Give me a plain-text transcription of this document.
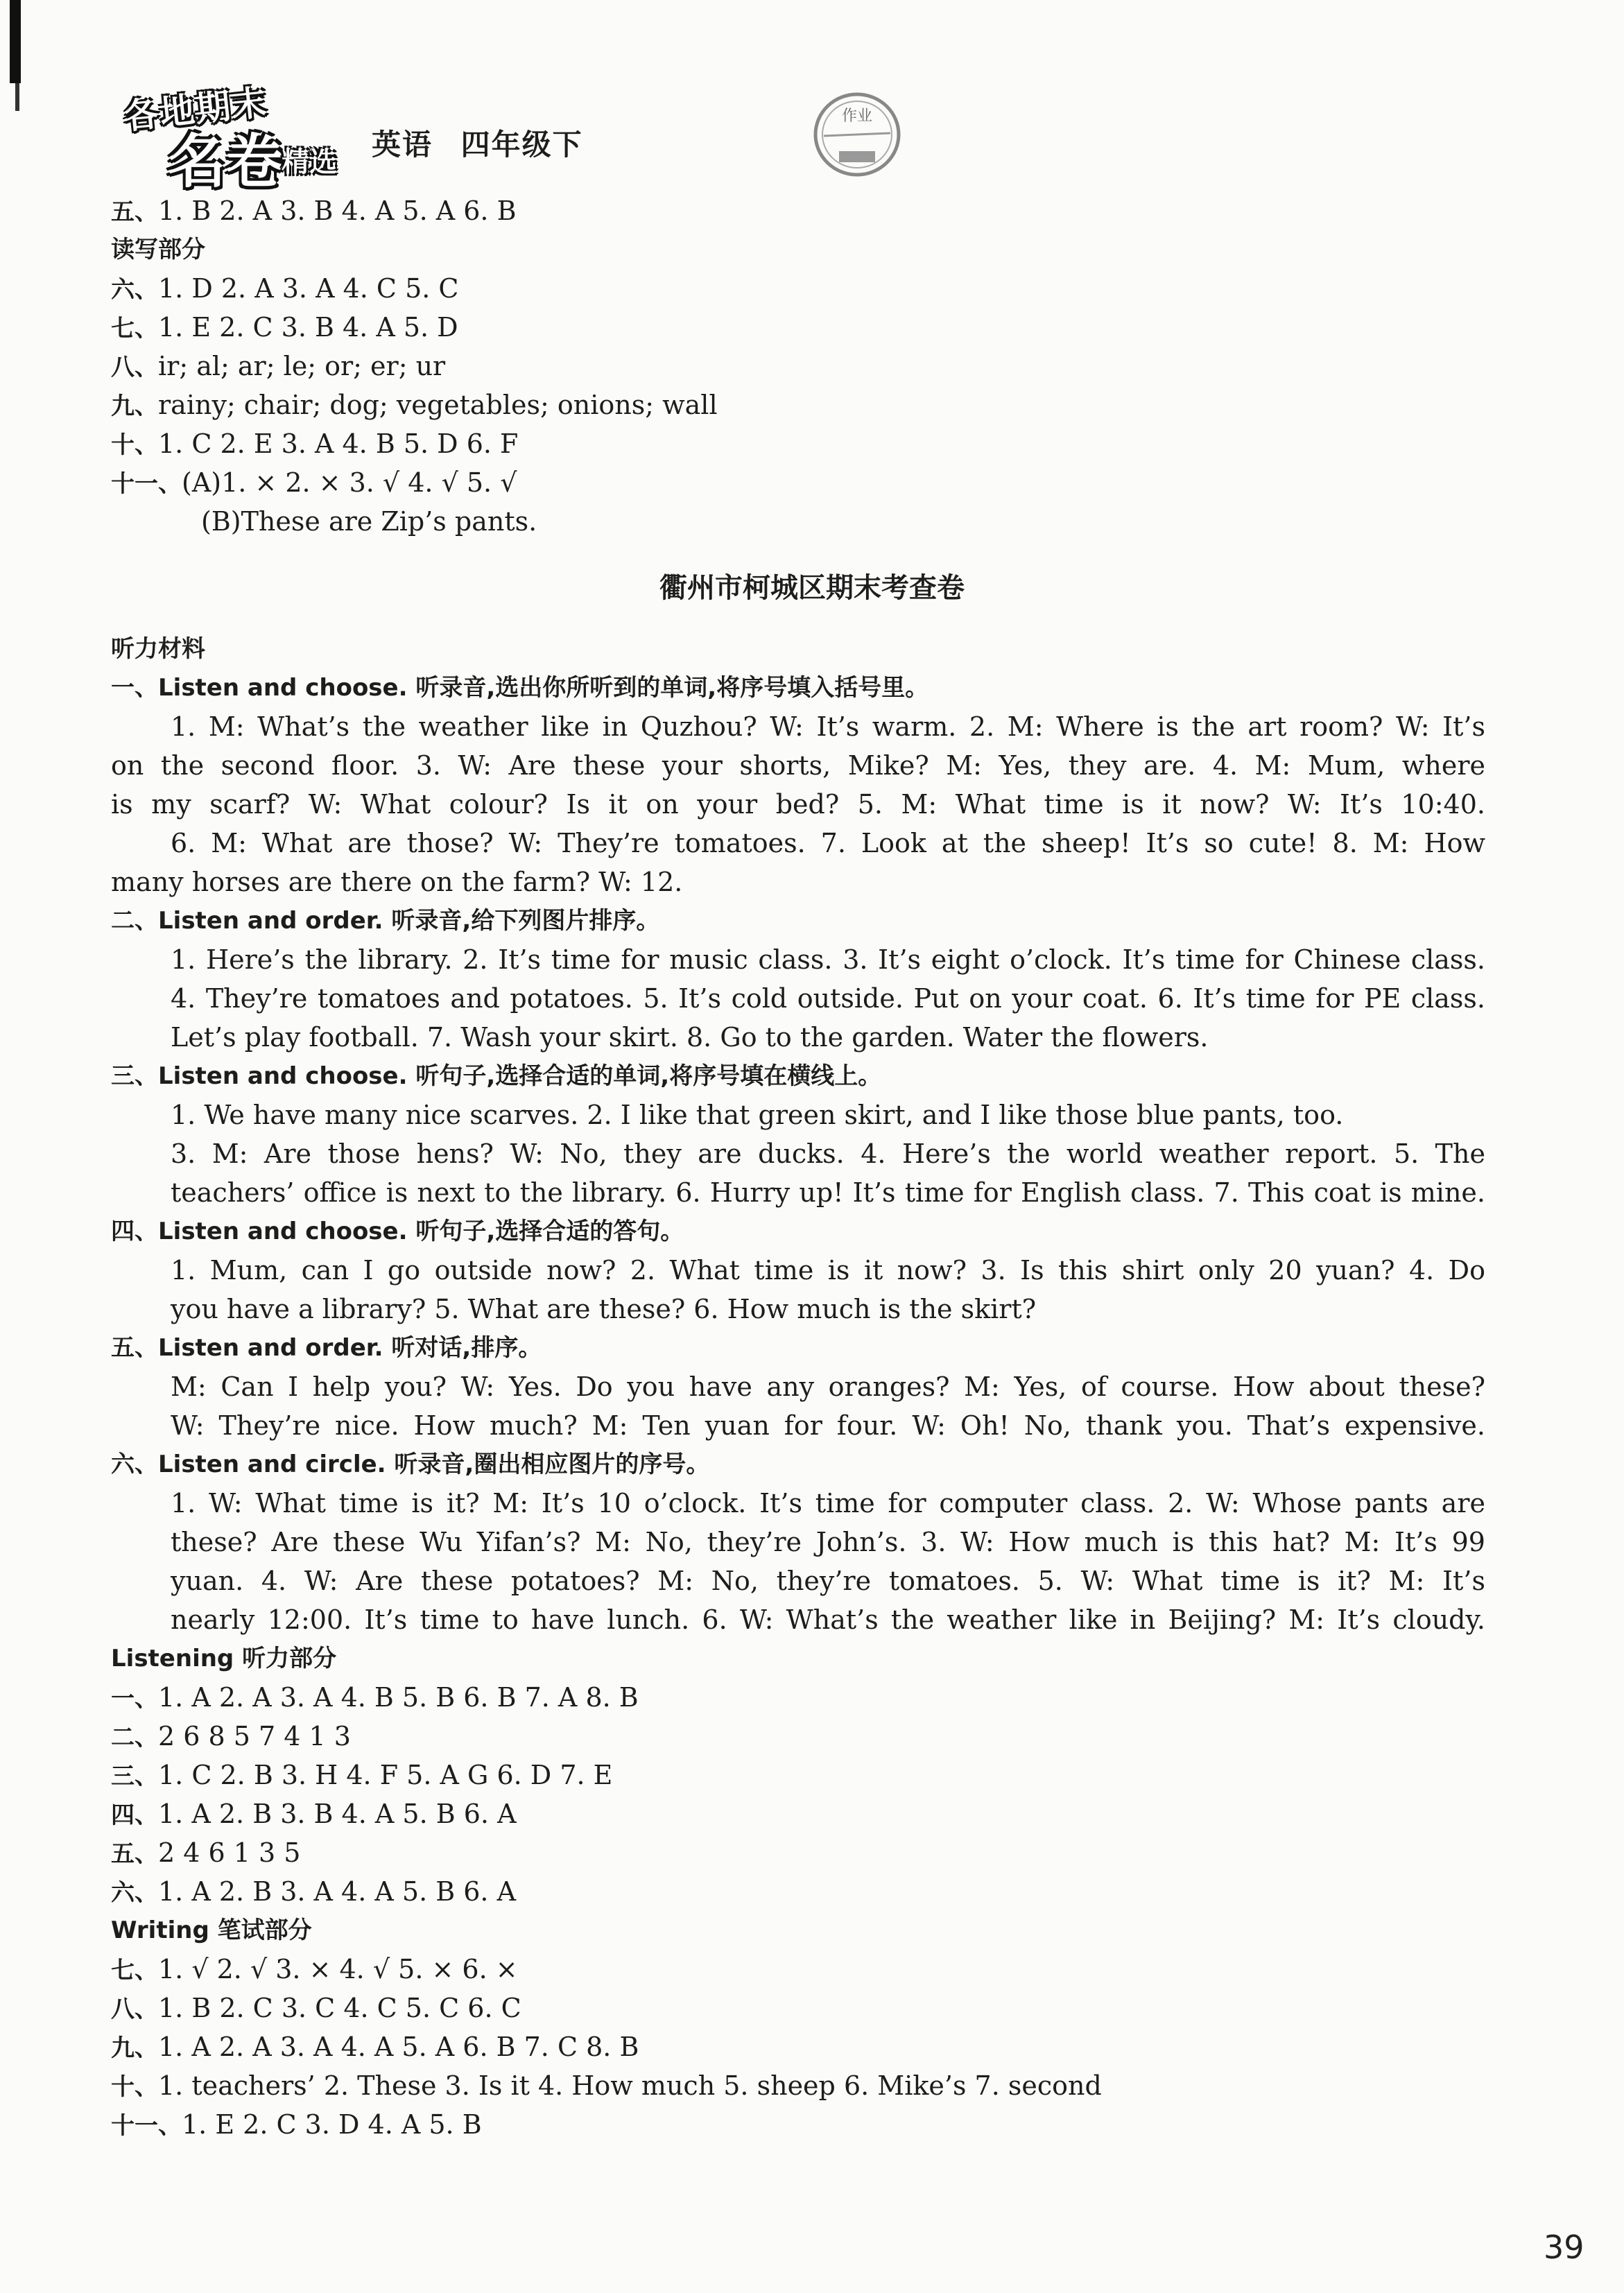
各地期末
名卷
精选
英语 四年级下
作业
五、1. B 2. A 3. B 4. A 5. A 6. B
读写部分
六、1. D 2. A 3. A 4. C 5. C
七、1. E 2. C 3. B 4. A 5. D
八、ir; al; ar; le; or; er; ur
九、rainy; chair; dog; vegetables; onions; wall
十、1. C 2. E 3. A 4. B 5. D 6. F
十一、(A)1. × 2. × 3. √ 4. √ 5. √
(B)These are Zip’s pants.
衢州市柯城区期末考查卷
听力材料
一、Listen and choose. 听录音,选出你所听到的单词,将序号填入括号里。
1. M: What’s the weather like in Quzhou? W: It’s warm. 2. M: Where is the art room? W: It’s
on the second floor. 3. W: Are these your shorts, Mike? M: Yes, they are. 4. M: Mum, where
is my scarf? W: What colour? Is it on your bed? 5. M: What time is it now? W: It’s 10:40.
6. M: What are those? W: They’re tomatoes. 7. Look at the sheep! It’s so cute! 8. M: How
many horses are there on the farm? W: 12.
二、Listen and order. 听录音,给下列图片排序。
1. Here’s the library. 2. It’s time for music class. 3. It’s eight o’clock. It’s time for Chinese class.
4. They’re tomatoes and potatoes. 5. It’s cold outside. Put on your coat. 6. It’s time for PE class.
Let’s play football. 7. Wash your skirt. 8. Go to the garden. Water the flowers.
三、Listen and choose. 听句子,选择合适的单词,将序号填在横线上。
1. We have many nice scarves. 2. I like that green skirt, and I like those blue pants, too.
3. M: Are those hens? W: No, they are ducks. 4. Here’s the world weather report. 5. The
teachers’ office is next to the library. 6. Hurry up! It’s time for English class. 7. This coat is mine.
四、Listen and choose. 听句子,选择合适的答句。
1. Mum, can I go outside now? 2. What time is it now? 3. Is this shirt only 20 yuan? 4. Do
you have a library? 5. What are these? 6. How much is the skirt?
五、Listen and order. 听对话,排序。
M: Can I help you? W: Yes. Do you have any oranges? M: Yes, of course. How about these?
W: They’re nice. How much? M: Ten yuan for four. W: Oh! No, thank you. That’s expensive.
六、Listen and circle. 听录音,圈出相应图片的序号。
1. W: What time is it? M: It’s 10 o’clock. It’s time for computer class. 2. W: Whose pants are
these? Are these Wu Yifan’s? M: No, they’re John’s. 3. W: How much is this hat? M: It’s 99
yuan. 4. W: Are these potatoes? M: No, they’re tomatoes. 5. W: What time is it? M: It’s
nearly 12:00. It’s time to have lunch. 6. W: What’s the weather like in Beijing? M: It’s cloudy.
Listening 听力部分
一、1. A 2. A 3. A 4. B 5. B 6. B 7. A 8. B
二、2 6 8 5 7 4 1 3
三、1. C 2. B 3. H 4. F 5. A G 6. D 7. E
四、1. A 2. B 3. B 4. A 5. B 6. A
五、2 4 6 1 3 5
六、1. A 2. B 3. A 4. A 5. B 6. A
Writing 笔试部分
七、1. √ 2. √ 3. × 4. √ 5. × 6. ×
八、1. B 2. C 3. C 4. C 5. C 6. C
九、1. A 2. A 3. A 4. A 5. A 6. B 7. C 8. B
十、1. teachers’ 2. These 3. Is it 4. How much 5. sheep 6. Mike’s 7. second
十一、1. E 2. C 3. D 4. A 5. B
39
